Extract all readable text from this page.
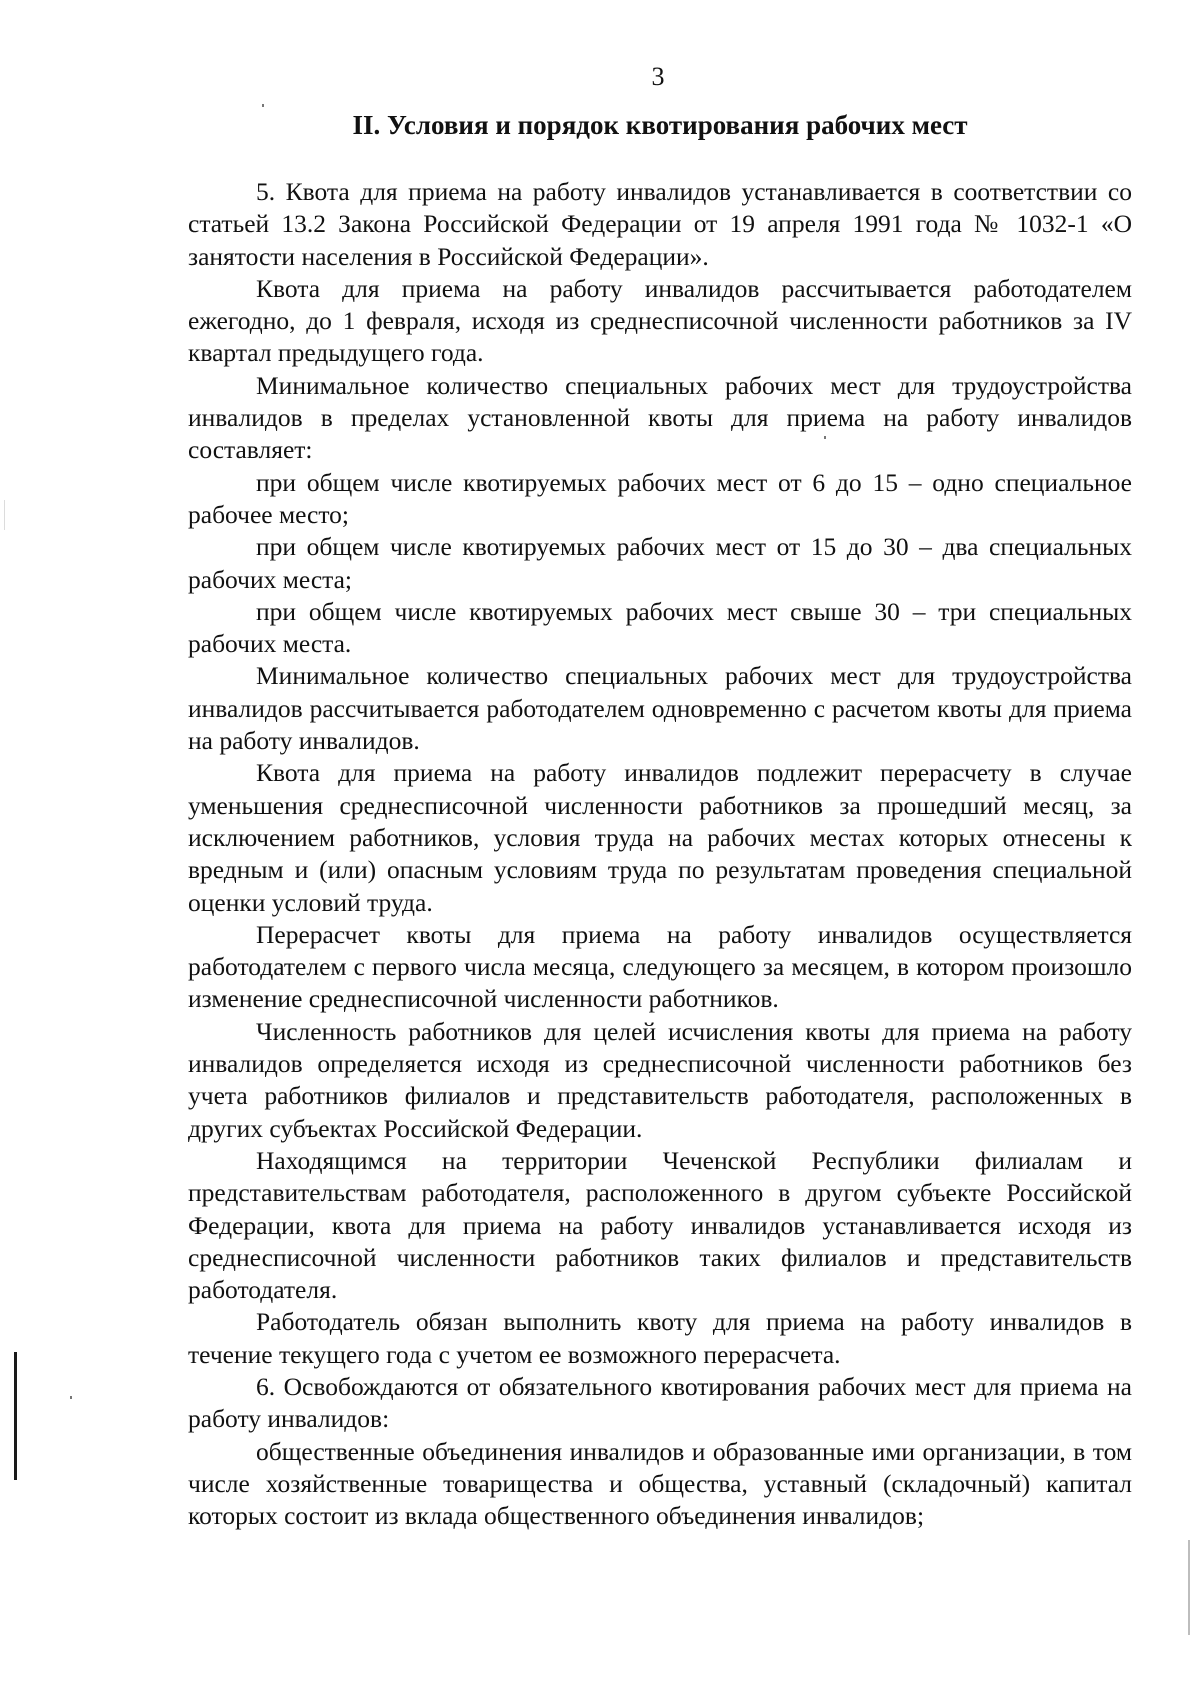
3
II. Условия и порядок квотирования рабочих мест

5. Квота для приема на работу инвалидов устанавливается в соответствии со статьей 13.2 Закона Российской Федерации от 19 апреля 1991 года № 1032-1 «О занятости населения в Российской Федерации».

Квота для приема на работу инвалидов рассчитывается работодателем ежегодно, до 1 февраля, исходя из среднесписочной численности работников за IV квартал предыдущего года.

Минимальное количество специальных рабочих мест для трудоустройства инвалидов в пределах установленной квоты для приема на работу инвалидов составляет:

при общем числе квотируемых рабочих мест от 6 до 15 – одно специальное рабочее место;

при общем числе квотируемых рабочих мест от 15 до 30 – два специальных рабочих места;

при общем числе квотируемых рабочих мест свыше 30 – три специальных рабочих места.

Минимальное количество специальных рабочих мест для трудоустройства инвалидов рассчитывается работодателем одновременно с расчетом квоты для приема на работу инвалидов.

Квота для приема на работу инвалидов подлежит перерасчету в случае уменьшения среднесписочной численности работников за прошедший месяц, за исключением работников, условия труда на рабочих местах которых отнесены к вредным и (или) опасным условиям труда по результатам проведения специальной оценки условий труда.

Перерасчет квоты для приема на работу инвалидов осуществляется работодателем с первого числа месяца, следующего за месяцем, в котором произошло изменение среднесписочной численности работников.

Численность работников для целей исчисления квоты для приема на работу инвалидов определяется исходя из среднесписочной численности работников без учета работников филиалов и представительств работодателя, расположенных в других субъектах Российской Федерации.

Находящимся на территории Чеченской Республики филиалам и представительствам работодателя, расположенного в другом субъекте Российской Федерации, квота для приема на работу инвалидов устанавливается исходя из среднесписочной численности работников таких филиалов и представительств работодателя.

Работодатель обязан выполнить квоту для приема на работу инвалидов в течение текущего года с учетом ее возможного перерасчета.

6. Освобождаются от обязательного квотирования рабочих мест для приема на работу инвалидов:

общественные объединения инвалидов и образованные ими организации, в том числе хозяйственные товарищества и общества, уставный (складочный) капитал которых состоит из вклада общественного объединения инвалидов;
